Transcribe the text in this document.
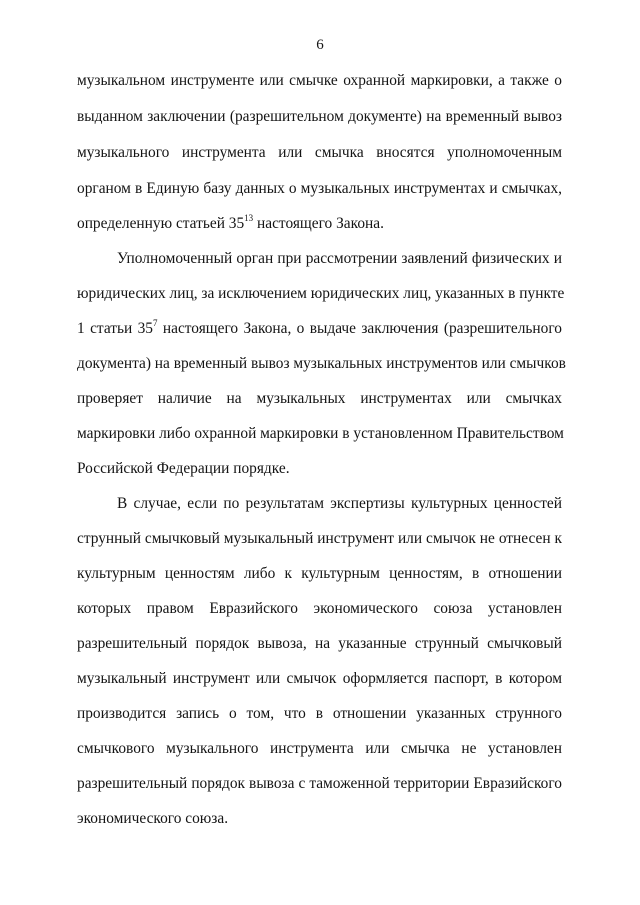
6
музыкальном инструменте или смычке охранной маркировки, а также о
выданном заключении (разрешительном документе) на временный вывоз
музыкального инструмента или смычка вносятся уполномоченным
органом в Единую базу данных о музыкальных инструментах и смычках,
определенную статьей $35^{13}$ настоящего Закона.
Уполномоченный орган при рассмотрении заявлений физических и
юридических лиц, за исключением юридических лиц, указанных в пункте
1 статьи $35^7$ настоящего Закона, о выдаче заключения (разрешительного
документа) на временный вывоз музыкальных инструментов или смычков
проверяет наличие на музыкальных инструментах или смычках
маркировки либо охранной маркировки в установленном Правительством
Российской Федерации порядке.
В случае, если по результатам экспертизы культурных ценностей
струнный смычковый музыкальный инструмент или смычок не отнесен к
культурным ценностям либо к культурным ценностям, в отношении
которых правом Евразийского экономического союза установлен
разрешительный порядок вывоза, на указанные струнный смычковый
музыкальный инструмент или смычок оформляется паспорт, в котором
производится запись о том, что в отношении указанных струнного
смычкового музыкального инструмента или смычка не установлен
разрешительный порядок вывоза с таможенной территории Евразийского
экономического союза.
